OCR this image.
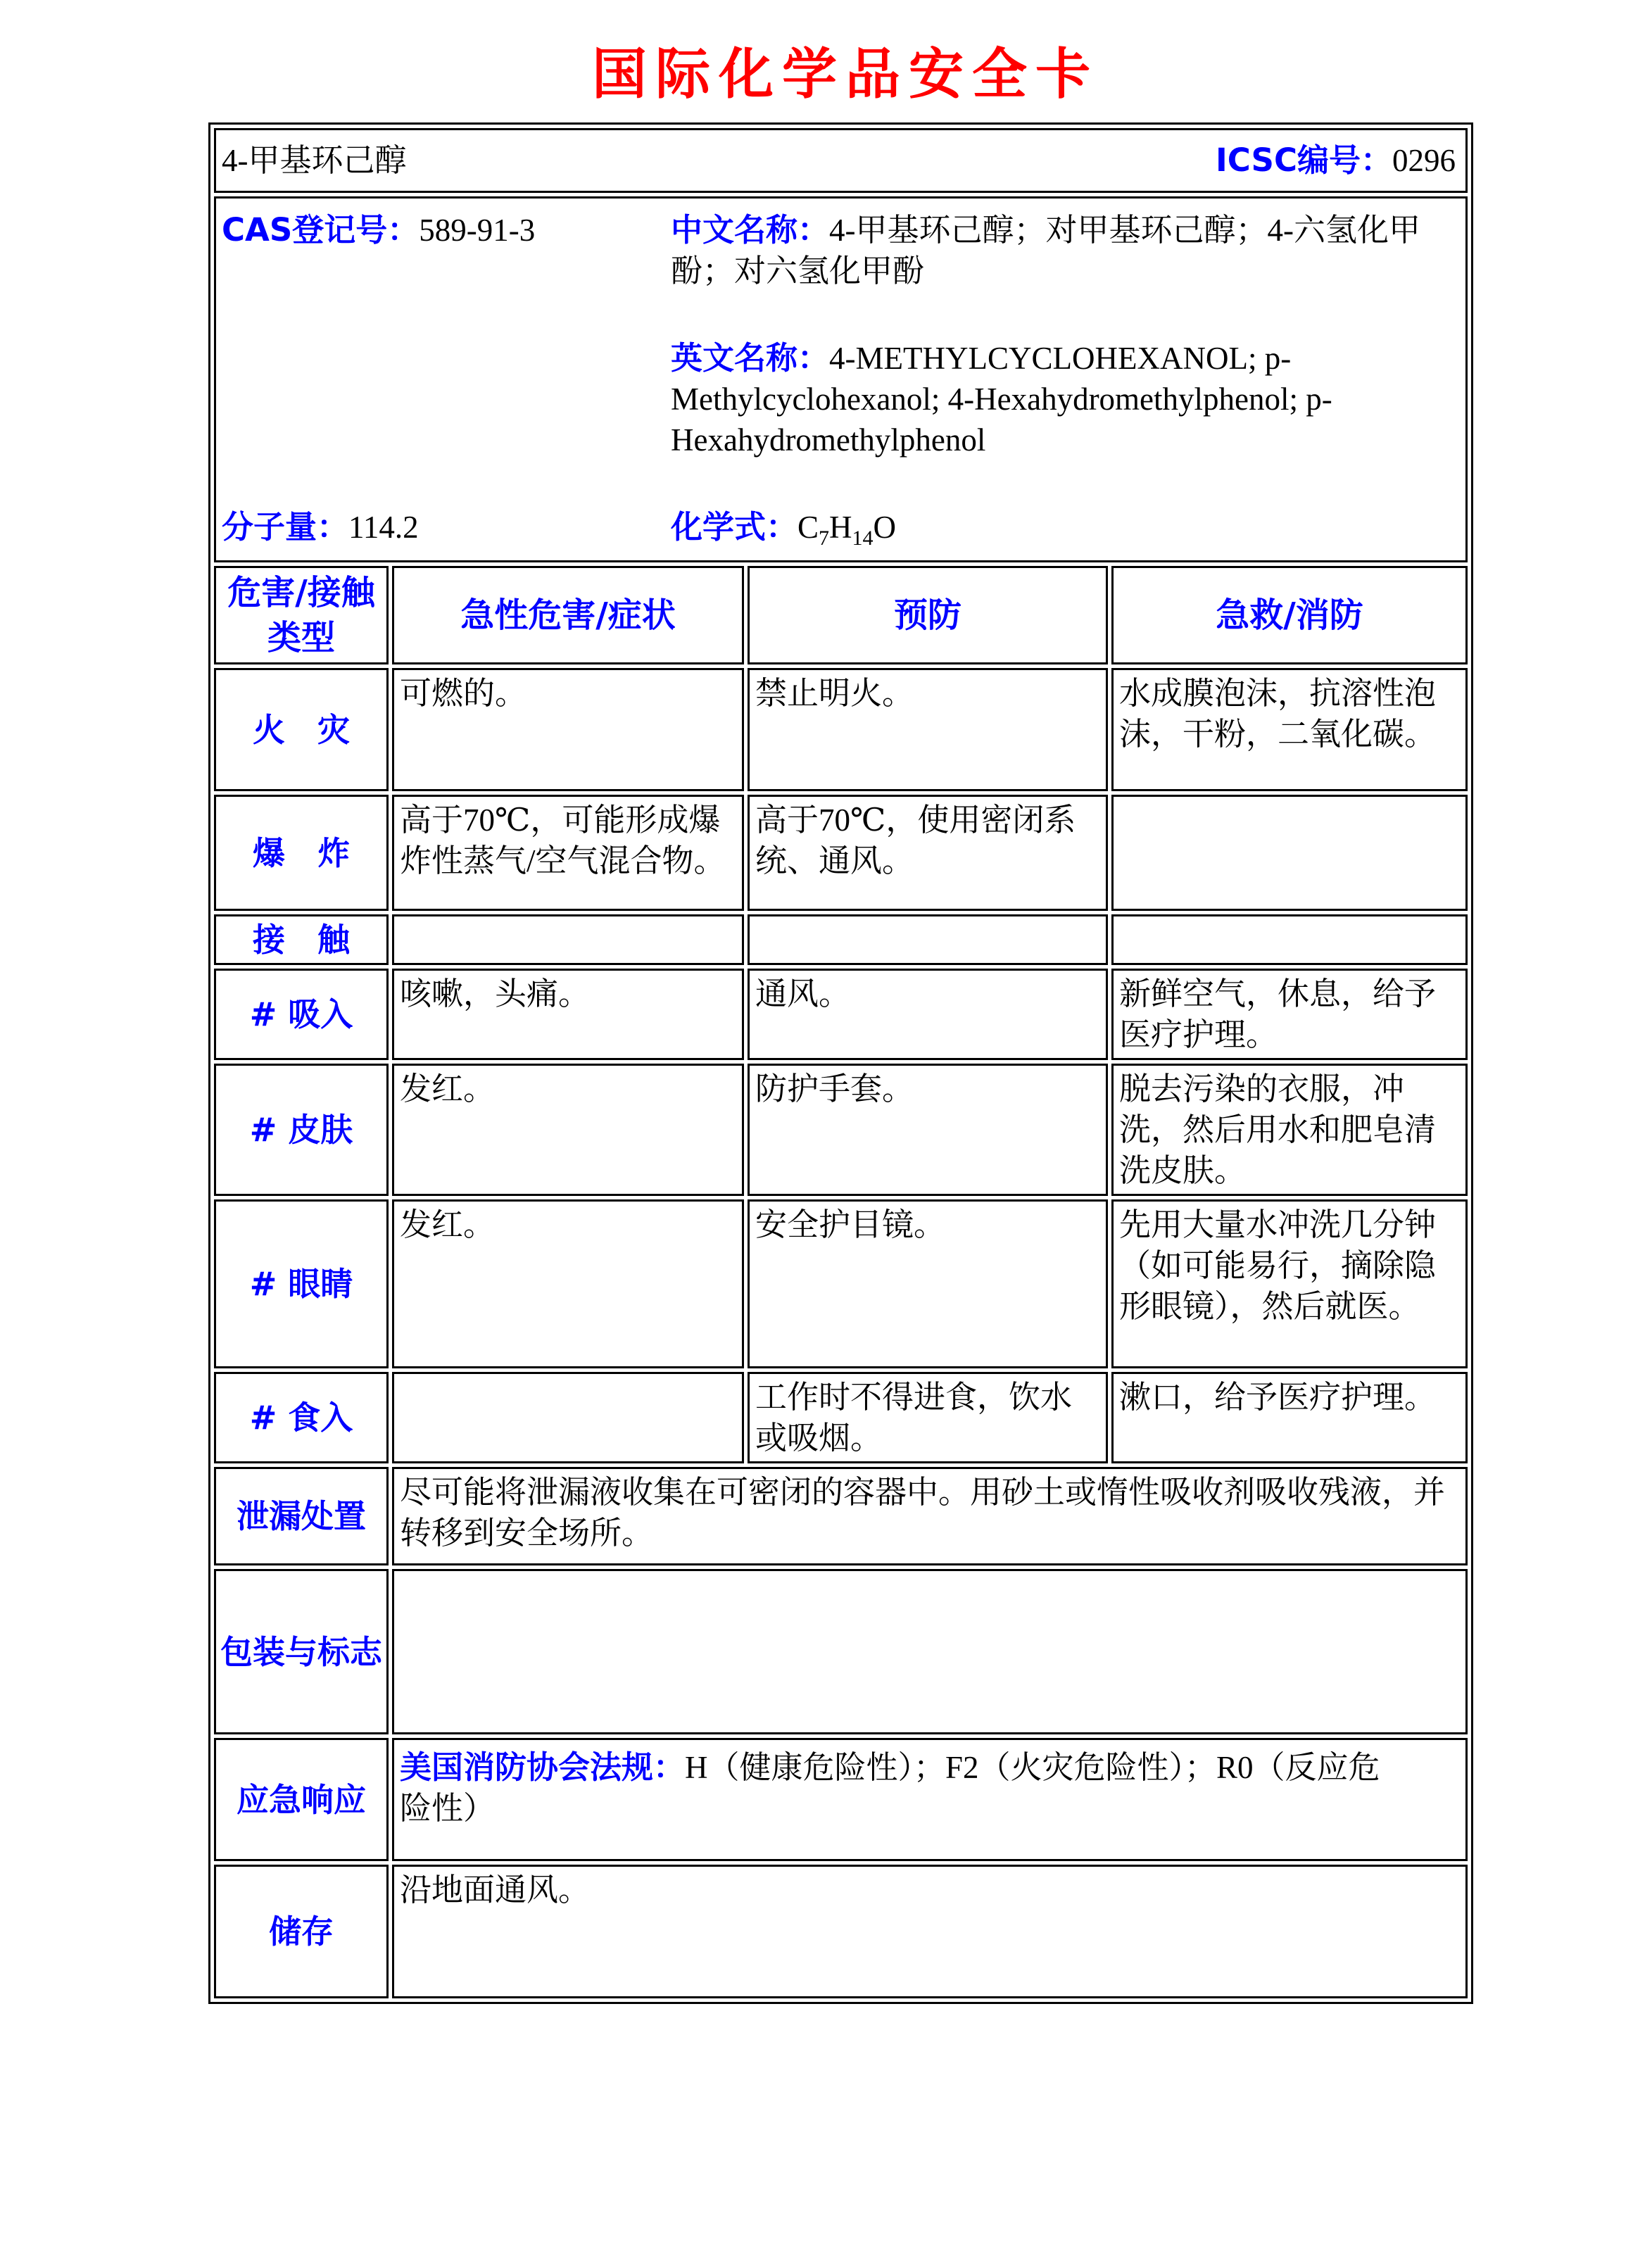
国际化学品安全卡
4-甲基环己醇 ICSC编号：0296			

CAS登记号：589-91-3
分子量：114.2
中文名称：4-甲基环己醇；对甲基环己醇；4-六氢化甲酚；对六氢化甲酚
英文名称：4-METHYLCYCLOHEXANOL; p-Methylcyclohexanol; 4-Hexahydromethylphenol; p-Hexahydromethylphenol
化学式：$C_7H_{14}O$			

危害/接触类型	急性危害/症状	预防	急救/消防
火　灾	可燃的。	禁止明火。	水成膜泡沫，抗溶性泡沫，干粉，二氧化碳。
爆　炸	高于70℃，可能形成爆炸性蒸气/空气混合物。	高于70℃，使用密闭系统、通风。	
接　触			
# 吸入	咳嗽，头痛。	通风。	新鲜空气，休息，给予医疗护理。
# 皮肤	发红。	防护手套。	脱去污染的衣服，冲洗，然后用水和肥皂清洗皮肤。
# 眼睛	发红。	安全护目镜。	先用大量水冲洗几分钟（如可能易行，摘除隐形眼镜），然后就医。
# 食入		工作时不得进食，饮水或吸烟。	漱口，给予医疗护理。
泄漏处置	尽可能将泄漏液收集在可密闭的容器中。用砂土或惰性吸收剂吸收残液，并转移到安全场所。		
包装与标志			
应急响应	美国消防协会法规：H（健康危险性）；F2（火灾危险性）；R0（反应危险性）		
储存	沿地面通风。		
